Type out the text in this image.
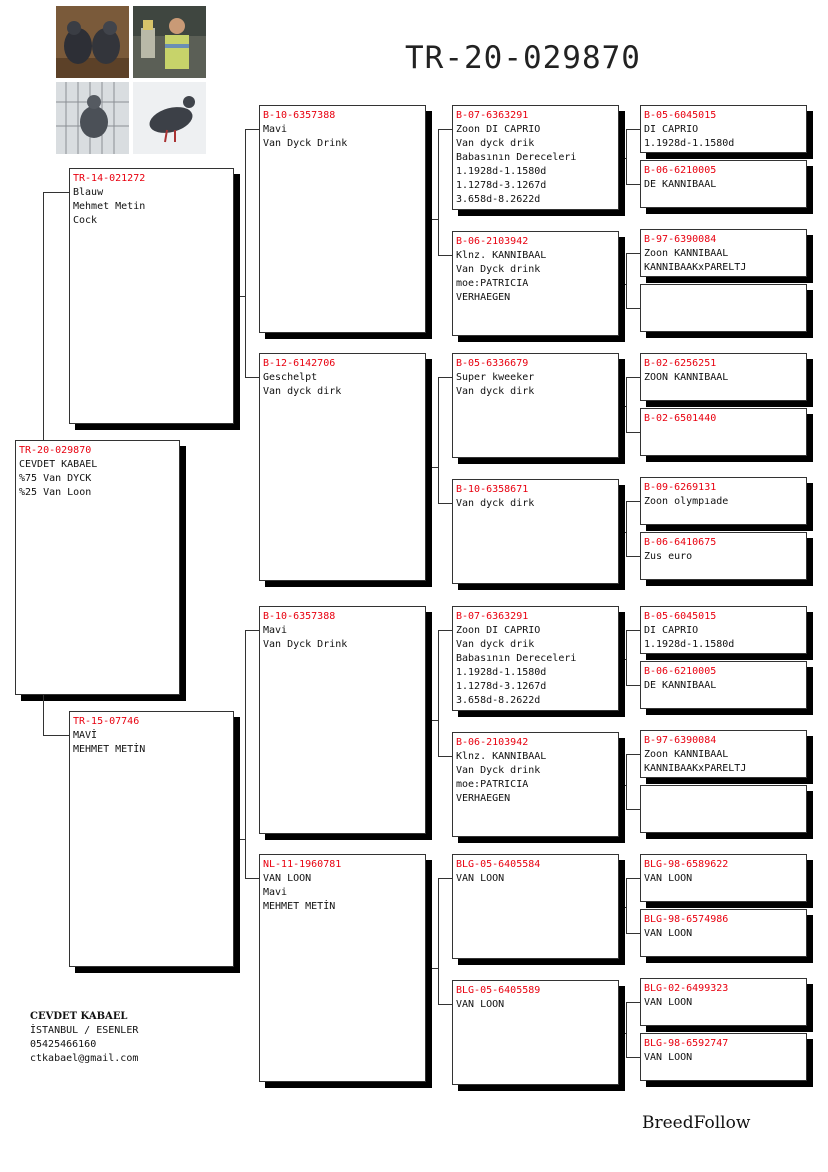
TR-20-029870
TR-20-029870
CEVDET KABAEL
%75 Van DYCK
%25 Van Loon
TR-14-021272
Blauw
Mehmet Metin
Cock
TR-15-07746
MAVİ
MEHMET METİN
B-10-6357388
Mavi
Van Dyck Drink
B-12-6142706
Geschelpt
Van dyck dirk
B-10-6357388
Mavi
Van Dyck Drink
NL-11-1960781
VAN LOON
Mavi
MEHMET METİN
B-07-6363291
Zoon DI CAPRIO
Van dyck drik
Babasının Dereceleri
1.1928d-1.1580d
1.1278d-3.1267d
3.658d-8.2622d
B-06-2103942
Klnz. KANNIBAAL
Van Dyck drink
moe:PATRICIA
VERHAEGEN
B-05-6336679
Super kweeker
Van dyck dirk
B-10-6358671
Van dyck dirk
B-07-6363291
Zoon DI CAPRIO
Van dyck drik
Babasının Dereceleri
1.1928d-1.1580d
1.1278d-3.1267d
3.658d-8.2622d
B-06-2103942
Klnz. KANNIBAAL
Van Dyck drink
moe:PATRICIA
VERHAEGEN
BLG-05-6405584
VAN LOON
BLG-05-6405589
VAN LOON
B-05-6045015
DI CAPRIO
1.1928d-1.1580d
B-06-6210005
DE KANNIBAAL
B-97-6390084
Zoon KANNIBAAL
KANNIBAAKxPARELTJ
B-02-6256251
ZOON KANNIBAAL
B-02-6501440
B-09-6269131
Zoon olympıade
B-06-6410675
Zus euro
B-05-6045015
DI CAPRIO
1.1928d-1.1580d
B-06-6210005
DE KANNIBAAL
B-97-6390084
Zoon KANNIBAAL
KANNIBAAKxPARELTJ
BLG-98-6589622
VAN LOON
BLG-98-6574986
VAN LOON
BLG-02-6499323
VAN LOON
BLG-98-6592747
VAN LOON
CEVDET KABAEL
İSTANBUL / ESENLER
05425466160
ctkabael@gmail.com
BreedFollow
